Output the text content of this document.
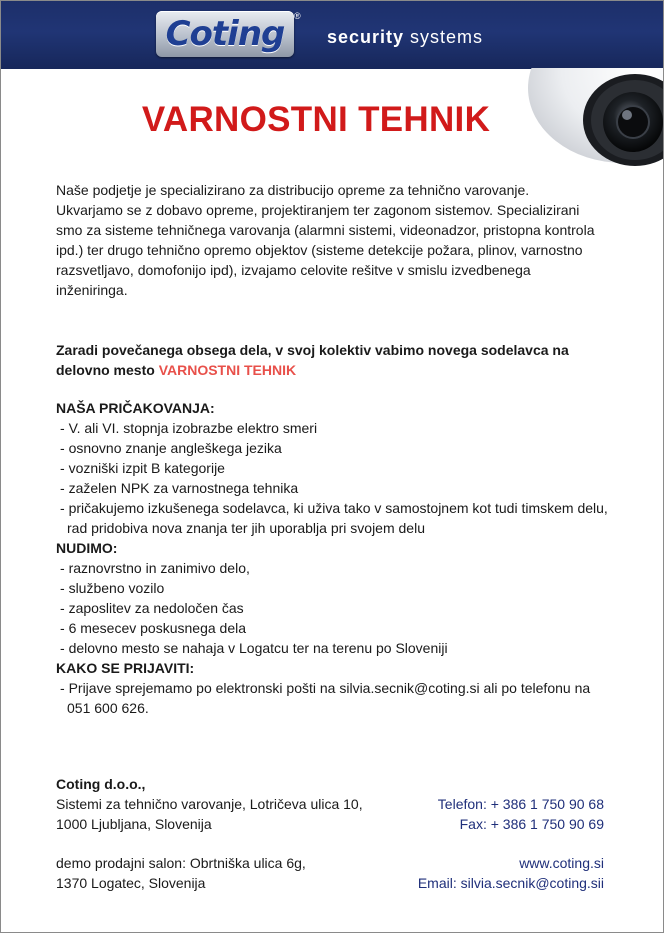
Coting	®
security systems
VARNOSTNI TEHNIK
Naše podjetje je specializirano za distribucijo opreme za tehnično varovanje. Ukvarjamo se z dobavo opreme, projektiranjem ter zagonom sistemov. Specializirani smo za sisteme tehničnega varovanja (alarmni sistemi, videonadzor, pristopna kontrola ipd.) ter drugo tehnično opremo objektov (sisteme detekcije požara, plinov, varnostno razsvetljavo, domofonijo ipd), izvajamo celovite rešitve v smislu izvedbenega inženiringa.
Zaradi povečanega obsega dela, v svoj kolektiv vabimo novega sodelavca na delovno mesto VARNOSTNI TEHNIK
NAŠA PRIČAKOVANJA:
- V. ali VI. stopnja izobrazbe elektro smeri
- osnovno znanje angleškega jezika
- vozniški izpit B kategorije
- zaželen NPK za varnostnega tehnika
- pričakujemo izkušenega sodelavca, ki uživa tako v samostojnem kot tudi timskem delu, rad pridobiva nova znanja ter jih uporablja pri svojem delu
NUDIMO:
- raznovrstno in zanimivo delo,
- službeno vozilo
- zaposlitev za nedoločen čas
- 6 mesecev poskusnega dela
- delovno mesto se nahaja v Logatcu ter na terenu po Sloveniji
KAKO SE PRIJAVITI:
- Prijave sprejemamo po elektronski pošti na silvia.secnik@coting.si ali po telefonu na 051 600 626.
Coting d.o.o.,
Sistemi za tehnično varovanje, Lotričeva ulica 10,
1000 Ljubljana, Slovenija
Telefon: + 386 1 750 90 68
Fax: + 386 1 750 90 69
demo prodajni salon: Obrtniška ulica 6g,
1370 Logatec, Slovenija
www.coting.si
Email: silvia.secnik@coting.sii
